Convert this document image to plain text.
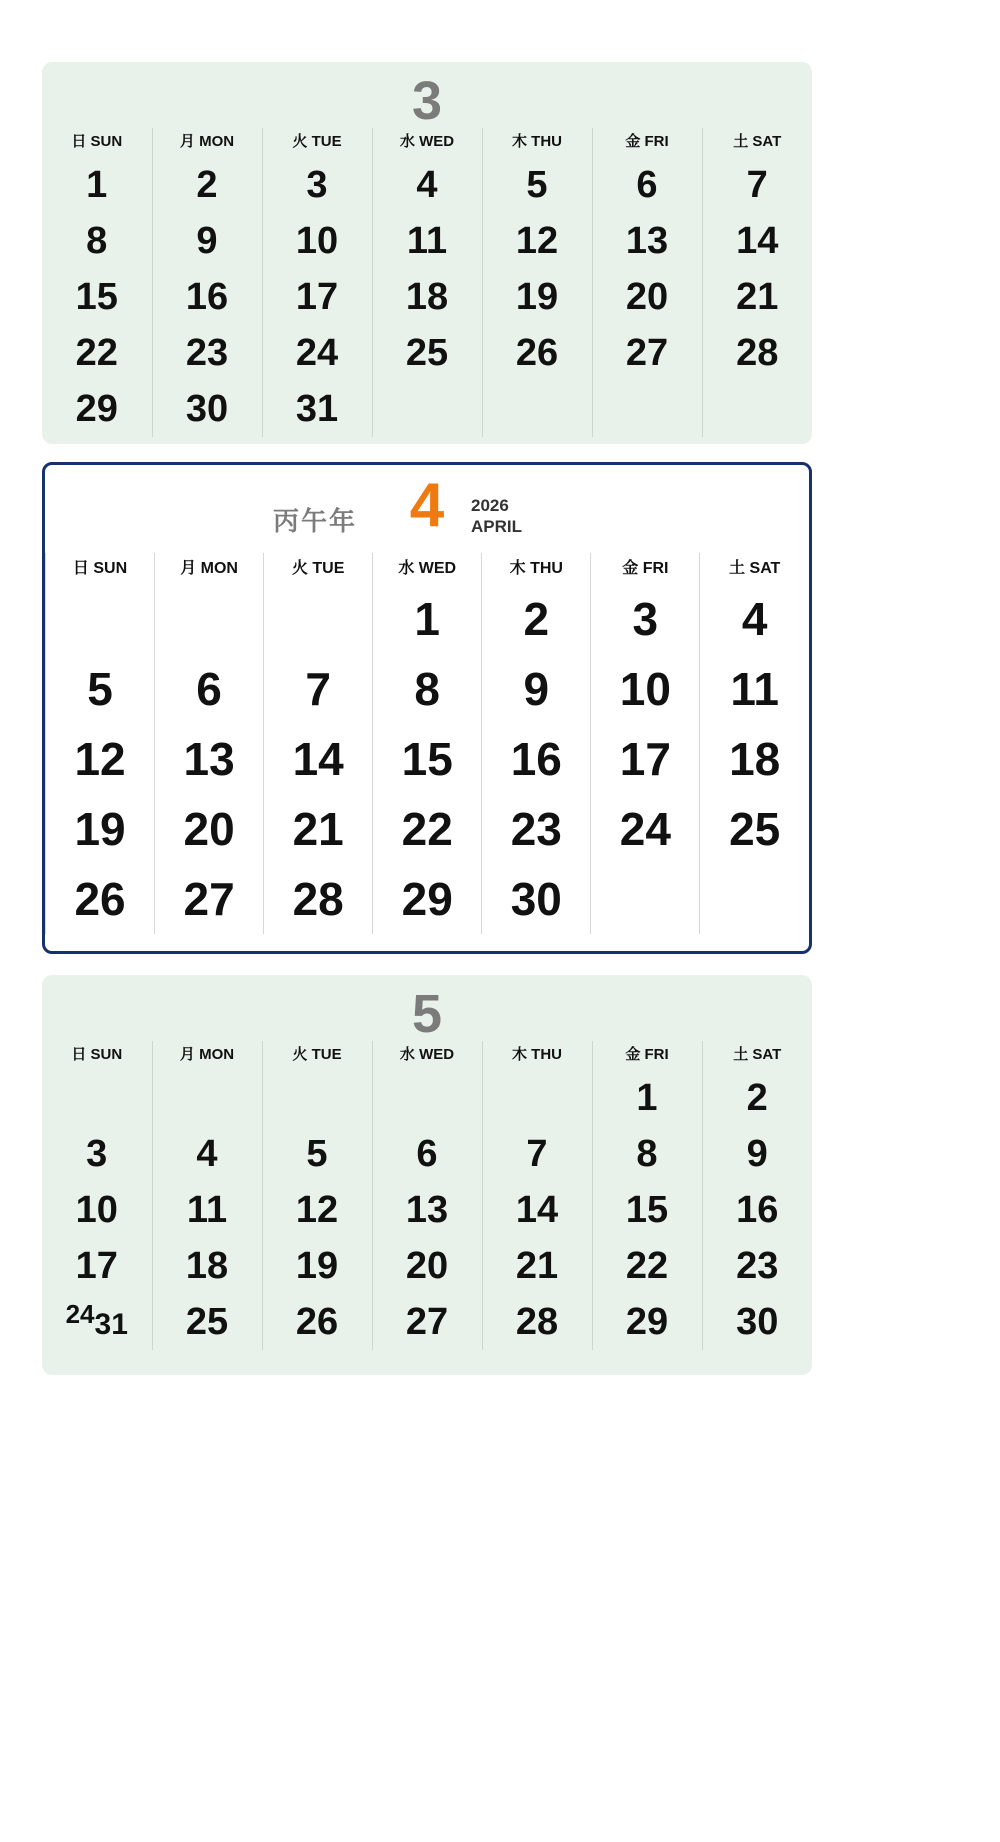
3
日 SUN	月 MON	火 TUE	水 WED	木 THU	金 FRI	土 SAT
1	2	3	4	5	6	7
8	9	10	11	12	13	14
15	16	17	18	19	20	21
22	23	24	25	26	27	28
29	30	31				
4
丙午年
2026
APRIL
日 SUN	月 MON	火 TUE	水 WED	木 THU	金 FRI	土 SAT
			1	2	3	4
5	6	7	8	9	10	11
12	13	14	15	16	17	18
19	20	21	22	23	24	25
26	27	28	29	30		
5
日 SUN	月 MON	火 TUE	水 WED	木 THU	金 FRI	土 SAT
					1	2
3	4	5	6	7	8	9
10	11	12	13	14	15	16
17	18	19	20	21	22	23
$^{24}$31	25	26	27	28	29	30
